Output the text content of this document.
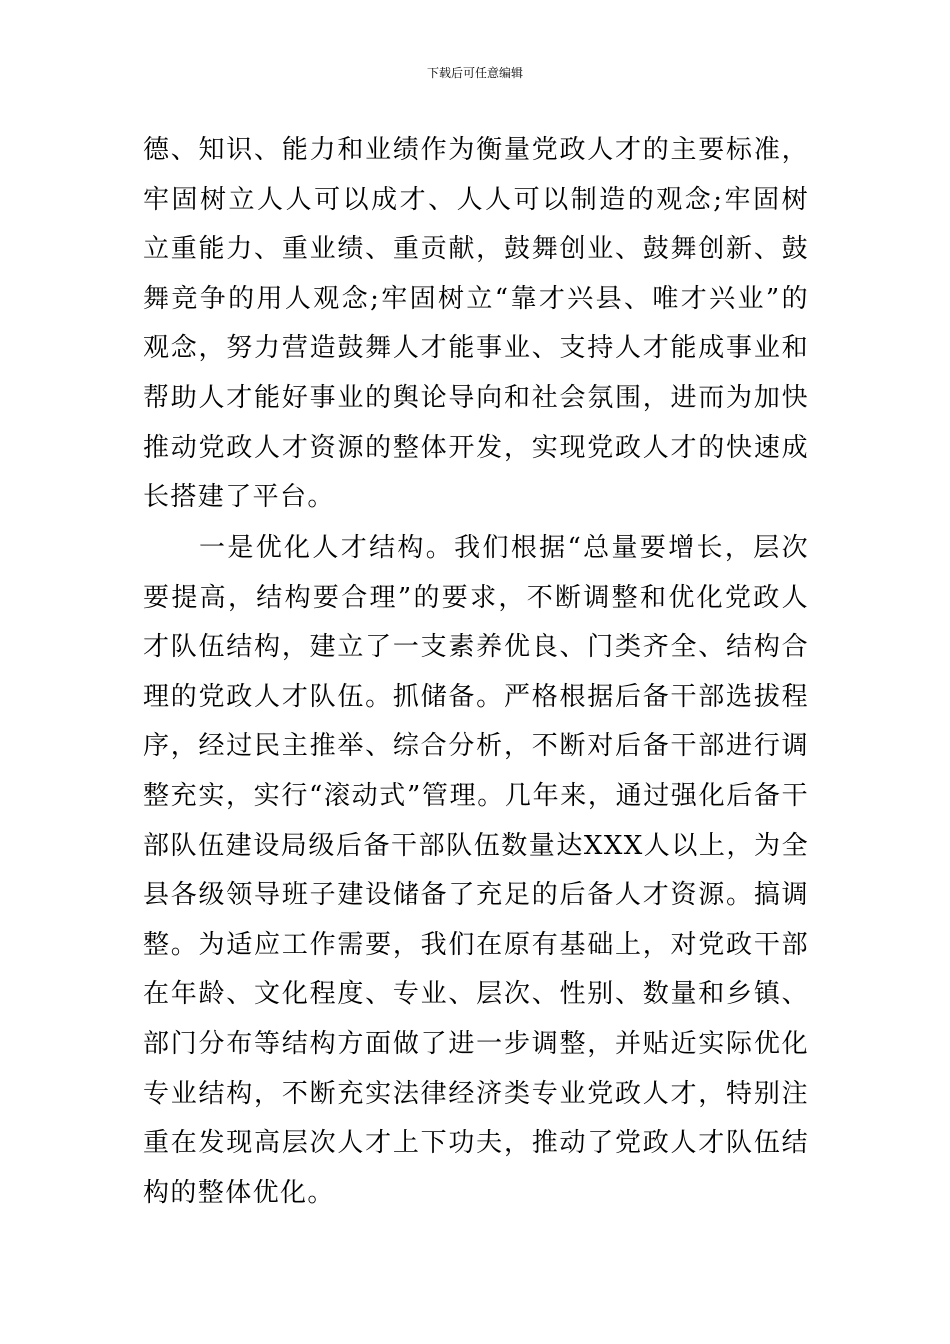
下载后可任意编辑

德、知识、能力和业绩作为衡量党政人才的主要标准，牢固树立人人可以成才、人人可以制造的观念;牢固树立重能力、重业绩、重贡献，鼓舞创业、鼓舞创新、鼓舞竞争的用人观念;牢固树立“靠才兴县、唯才兴业”的观念，努力营造鼓舞人才能事业、支持人才能成事业和帮助人才能好事业的舆论导向和社会氛围，进而为加快推动党政人才资源的整体开发，实现党政人才的快速成长搭建了平台。

一是优化人才结构。我们根据“总量要增长，层次要提高，结构要合理”的要求，不断调整和优化党政人才队伍结构，建立了一支素养优良、门类齐全、结构合理的党政人才队伍。抓储备。严格根据后备干部选拔程序，经过民主推举、综合分析，不断对后备干部进行调整充实，实行“滚动式”管理。几年来，通过强化后备干部队伍建设局级后备干部队伍数量达XXX人以上，为全县各级领导班子建设储备了充足的后备人才资源。搞调整。为适应工作需要，我们在原有基础上，对党政干部在年龄、文化程度、专业、层次、性别、数量和乡镇、部门分布等结构方面做了进一步调整，并贴近实际优化专业结构，不断充实法律经济类专业党政人才，特别注重在发现高层次人才上下功夫，推动了党政人才队伍结构的整体优化。
